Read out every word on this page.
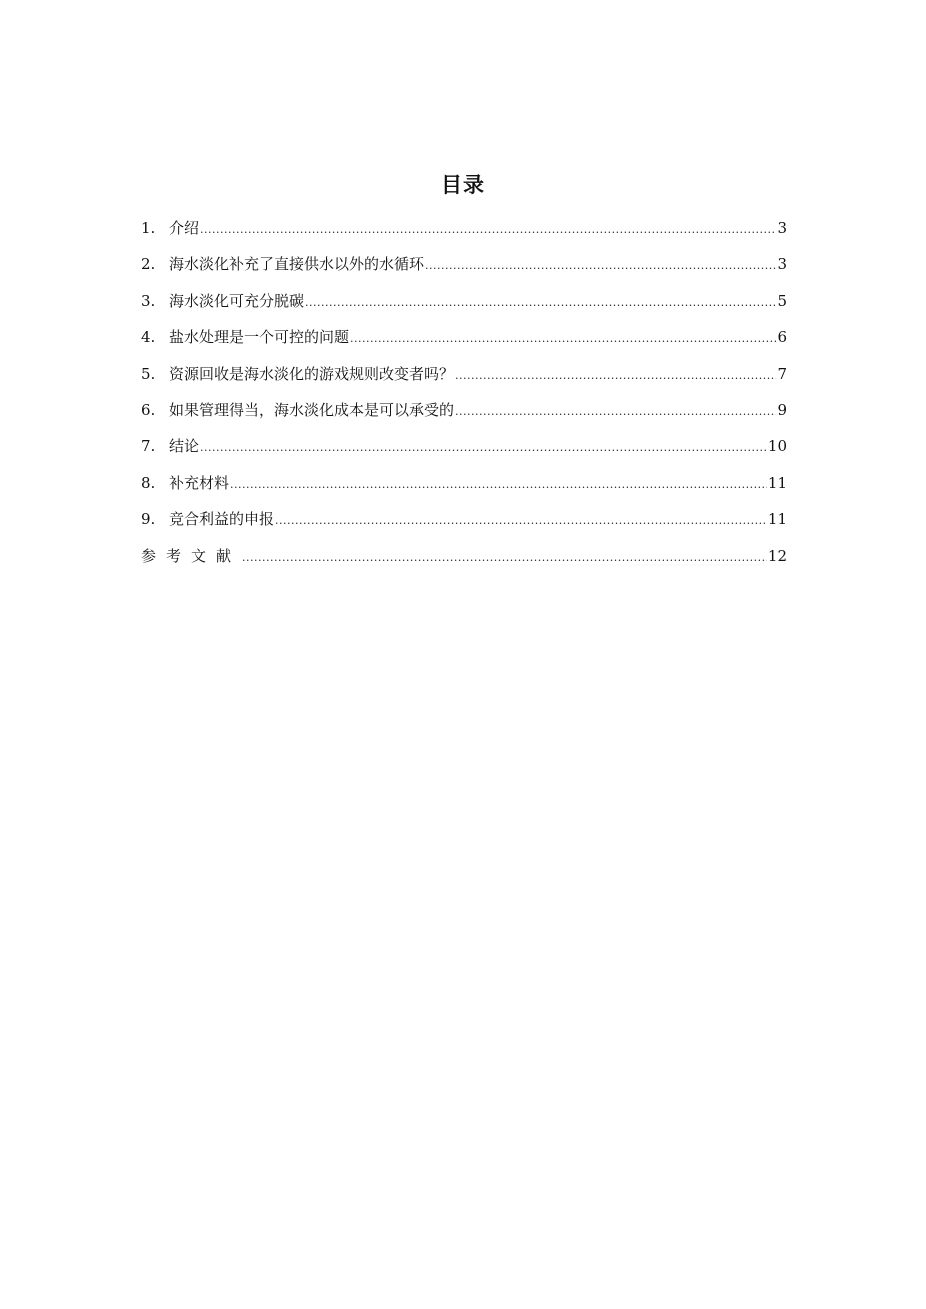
目录
1. 介绍 .....	3
2. 海水淡化补充了直接供水以外的水循环 .....	3
3. 海水淡化可充分脱碳 .....	5
4. 盐水处理是一个可控的问题 .....	6
5. 资源回收是海水淡化的游戏规则改变者吗？ .....	7
6. 如果管理得当，海水淡化成本是可以承受的 .....	9
7. 结论 .....	10
8. 补充材料 .....	11
9. 竞合利益的申报 .....	11
参考文献 .....	12
